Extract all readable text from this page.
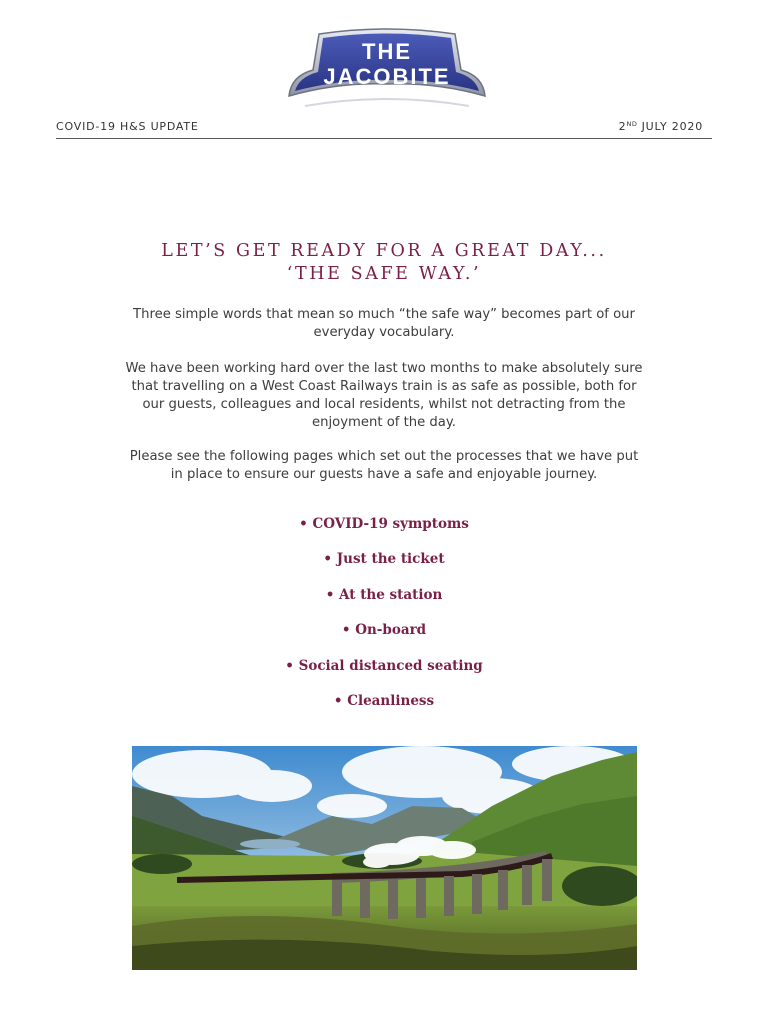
THE
JACOBITE
COVID-19 H&S UPDATE	2ND JULY 2020
LET’S GET READY FOR A GREAT DAY...
‘THE SAFE WAY.’
Three simple words that mean so much “the safe way” becomes part of our everyday vocabulary.
We have been working hard over the last two months to make absolutely sure that travelling on a West Coast Railways train is as safe as possible, both for our guests, colleagues and local residents, whilst not detracting from the enjoyment of the day.
Please see the following pages which set out the processes that we have put in place to ensure our guests have a safe and enjoyable journey.
• COVID-19 symptoms
• Just the ticket
• At the station
• On-board
• Social distanced seating
• Cleanliness
